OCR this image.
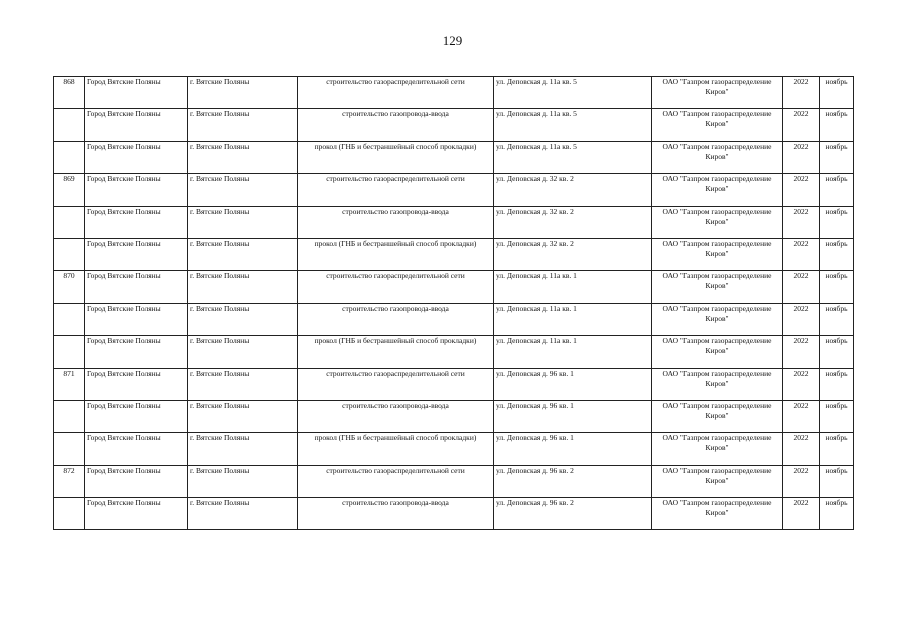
129
868	Город Вятские Поляны	г. Вятские Поляны	строительство газораспределительной сети	ул. Деповская д. 11а кв. 5	ОАО "Газпром газораспределение Киров"	2022	ноябрь
	Город Вятские Поляны	г. Вятские Поляны	строительство газопровода-ввода	ул. Деповская д. 11а кв. 5	ОАО "Газпром газораспределение Киров"	2022	ноябрь
	Город Вятские Поляны	г. Вятские Поляны	прокол (ГНБ и бестраншейный способ прокладки)	ул. Деповская д. 11а кв. 5	ОАО "Газпром газораспределение Киров"	2022	ноябрь
869	Город Вятские Поляны	г. Вятские Поляны	строительство газораспределительной сети	ул. Деповская д. 32 кв. 2	ОАО "Газпром газораспределение Киров"	2022	ноябрь
	Город Вятские Поляны	г. Вятские Поляны	строительство газопровода-ввода	ул. Деповская д. 32 кв. 2	ОАО "Газпром газораспределение Киров"	2022	ноябрь
	Город Вятские Поляны	г. Вятские Поляны	прокол (ГНБ и бестраншейный способ прокладки)	ул. Деповская д. 32 кв. 2	ОАО "Газпром газораспределение Киров"	2022	ноябрь
870	Город Вятские Поляны	г. Вятские Поляны	строительство газораспределительной сети	ул. Деповская д. 11а кв. 1	ОАО "Газпром газораспределение Киров"	2022	ноябрь
	Город Вятские Поляны	г. Вятские Поляны	строительство газопровода-ввода	ул. Деповская д. 11а кв. 1	ОАО "Газпром газораспределение Киров"	2022	ноябрь
	Город Вятские Поляны	г. Вятские Поляны	прокол (ГНБ и бестраншейный способ прокладки)	ул. Деповская д. 11а кв. 1	ОАО "Газпром газораспределение Киров"	2022	ноябрь
871	Город Вятские Поляны	г. Вятские Поляны	строительство газораспределительной сети	ул. Деповская д. 96 кв. 1	ОАО "Газпром газораспределение Киров"	2022	ноябрь
	Город Вятские Поляны	г. Вятские Поляны	строительство газопровода-ввода	ул. Деповская д. 96 кв. 1	ОАО "Газпром газораспределение Киров"	2022	ноябрь
	Город Вятские Поляны	г. Вятские Поляны	прокол (ГНБ и бестраншейный способ прокладки)	ул. Деповская д. 96 кв. 1	ОАО "Газпром газораспределение Киров"	2022	ноябрь
872	Город Вятские Поляны	г. Вятские Поляны	строительство газораспределительной сети	ул. Деповская д. 96 кв. 2	ОАО "Газпром газораспределение Киров"	2022	ноябрь
	Город Вятские Поляны	г. Вятские Поляны	строительство газопровода-ввода	ул. Деповская д. 96 кв. 2	ОАО "Газпром газораспределение Киров"	2022	ноябрь
